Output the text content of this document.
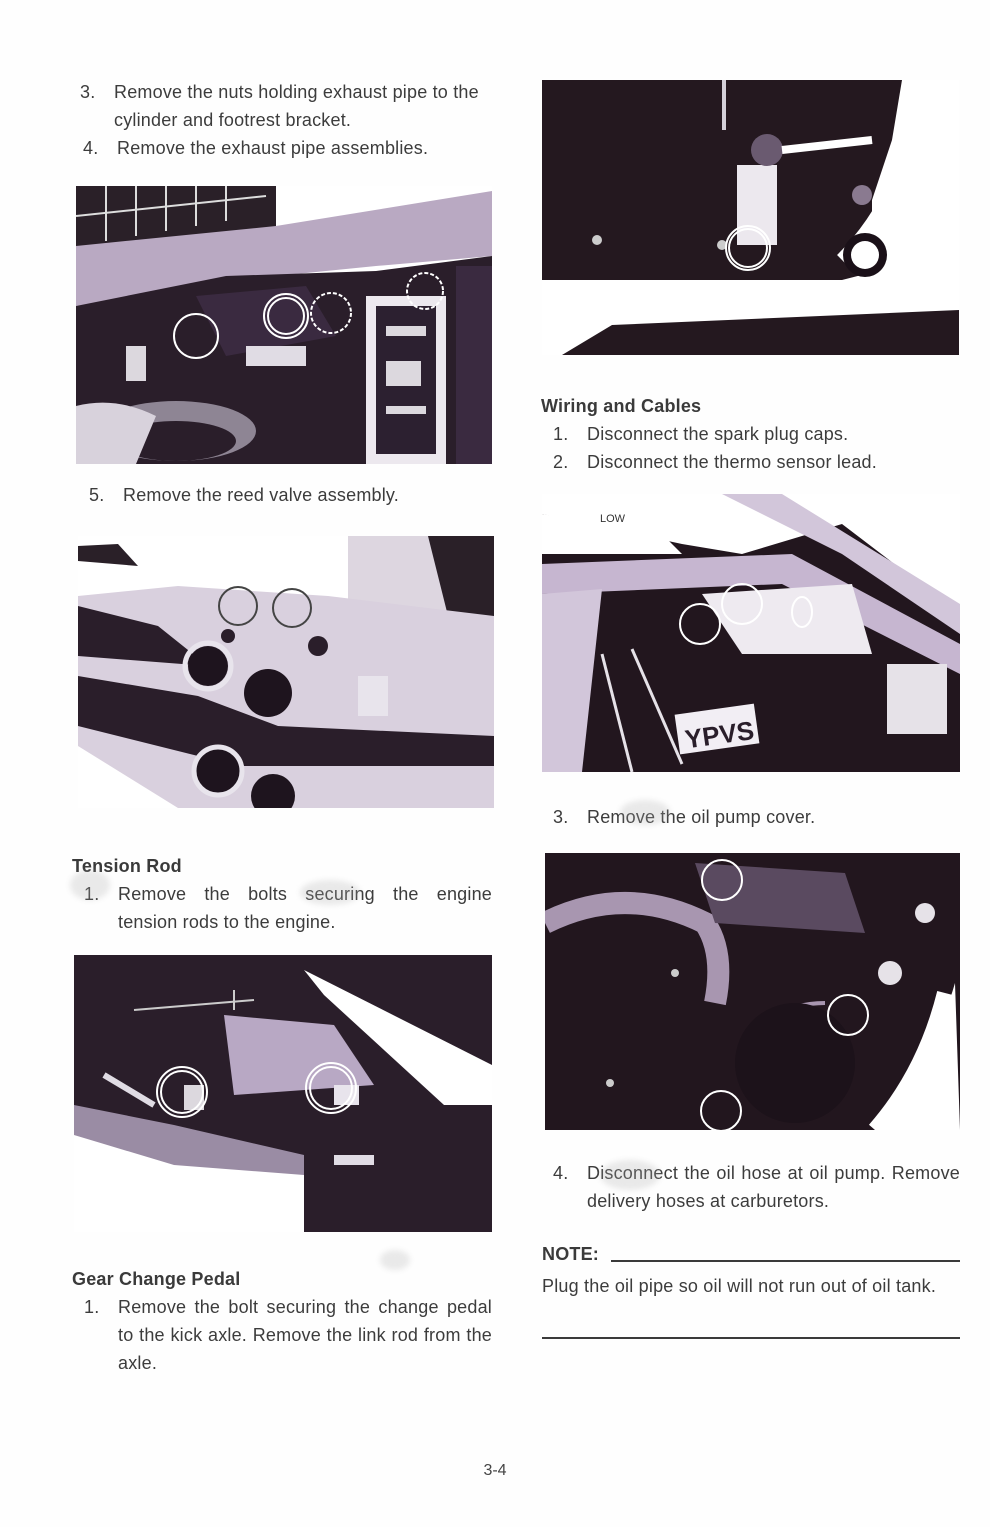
3.	Remove the nuts holding exhaust pipe to the cylinder and footrest bracket.
4.	Remove the exhaust pipe assemblies.
5.	Remove the reed valve assembly.
Tension Rod
1.	Remove the bolts securing the engine tension rods to the engine.
Gear Change Pedal
1.	Remove the bolt securing the change pedal to the kick axle. Remove the link rod from the axle.
Wiring and Cables
1.	Disconnect the spark plug caps.
2.	Disconnect the thermo sensor lead.
LOW
YPVS
3.	Remove the oil pump cover.
4.	Disconnect the oil hose at oil pump. Remove delivery hoses at carburetors.
NOTE:
Plug the oil pipe so oil will not run out of oil tank.
3-4
